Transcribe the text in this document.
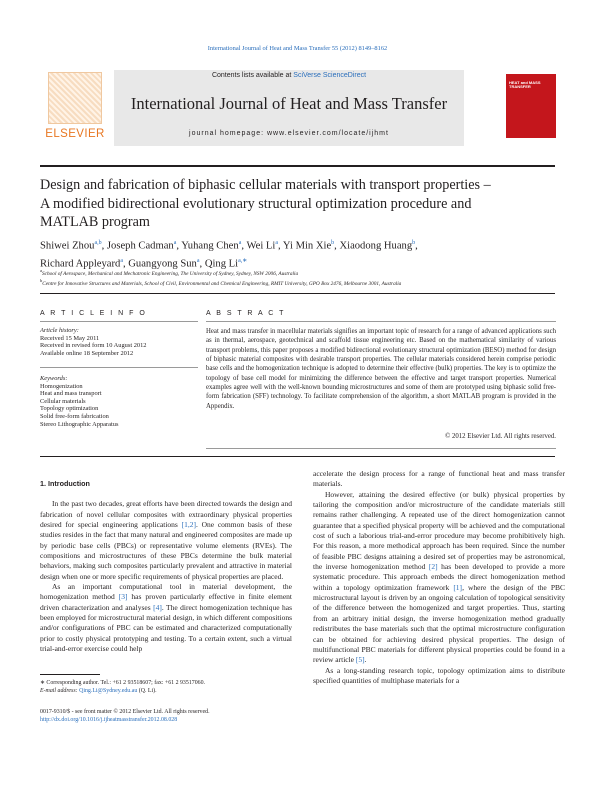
International Journal of Heat and Mass Transfer 55 (2012) 8149–8162
ELSEVIER
Contents lists available at SciVerse ScienceDirect
International Journal of Heat and Mass Transfer
journal homepage: www.elsevier.com/locate/ijhmt
HEAT and MASS TRANSFER
Design and fabrication of biphasic cellular materials with transport properties –
A modified bidirectional evolutionary structural optimization procedure and
MATLAB program
Shiwei Zhou$^{a,b}$, Joseph Cadman$^a$, Yuhang Chen$^a$, Wei Li$^a$, Yi Min Xie$^b$, Xiaodong Huang$^b$,
Richard Appleyard$^a$, Guangyong Sun$^a$, Qing $Li^{a,∗}$
$^a$School of Aerospace, Mechanical and Mechatronic Engineering, The University of Sydney, Sydney, NSW 2006, Australia
$^b$Centre for Innovative Structures and Materials, School of Civil, Environmental and Chemical Engineering, RMIT University, GPO Box 2476, Melbourne 3001, Australia
A R T I C L E I N F O	A B S T R A C T
Article history:
Received 15 May 2011
Received in revised form 10 August 2012
Available online 18 September 2012
Keywords:
Homogenization
Heat and mass transport
Cellular materials
Topology optimization
Solid free-form fabrication
Stereo Lithographic Apparatus
Heat and mass transfer in macellular materials signifies an important topic of research for a range of advanced applications such as in thermal, aerospace, geotechnical and scaffold tissue engineering etc. Based on the mathematical similarity of various transport problems, this paper proposes a modified bidirectional evolutionary structural optimization (BESO) method for design of biphasic material composites with desirable transport properties. The cellular materials considered herein comprise periodic base cells and the homogenization technique is adopted to determine their effective (bulk) properties. The key is to optimize the topology of base cell model for minimizing the difference between the effective and target transport properties. Numerical examples agree well with the well-known bounding microstructures and some of them are prototyped using biphasic solid free-form fabrication (SFF) technology. To facilitate comprehension of the algorithm, a short MATLAB program is provided in the Appendix.
© 2012 Elsevier Ltd. All rights reserved.
1. Introduction
In the past two decades, great efforts have been directed towards the design and fabrication of novel cellular composites with extraordinary physical properties desired for special engineering applications [1,2]. One common basis of these studies resides in the fact that many natural and engineered composites are made up by periodic base cells (PBCs) or representative volume elements (RVEs). The compositions and microstructures of these PBCs determine the bulk material behaviors, making such composites particularly prevalent and attractive in material design when one or more specific requirements of physical properties are placed.
As an important computational tool in material development, the homogenization method [3] has proven particularly effective in finite element driven characterization and analyses [4]. The direct homogenization technique has been employed for microstructural material design, in which different compositions and/or configurations of PBC can be estimated and characterized computationally prior to costly physical prototyping and testing. To a certain extent, such a virtual trial-and-error exercise could help
accelerate the design process for a range of functional heat and mass transfer materials.
However, attaining the desired effective (or bulk) physical properties by tailoring the composition and/or microstructure of the candidate materials still remains rather challenging. A repeated use of the direct homogenization cannot guarantee that a specified physical property will be achieved and the computational cost of such a laborious trial-and-error procedure may become prohibitively high. For this reason, a more methodical approach has been required. Since the number of feasible PBC designs attaining a desired set of properties may be astronomical, the inverse homogenization method [2] has been developed to provide a more systematic procedure. This approach embeds the direct homogenization method within a topology optimization framework [1], where the design of the PBC microstructural layout is driven by an ongoing calculation of topological sensitivity of the difference between the homogenized and target properties. Thus, starting from an arbitrary initial design, the inverse homogenization method gradually redistributes the base materials such that the optimal microstructure configuration can be obtained for achieving desired physical properties. The design of multifunctional PBC materials for different physical properties could be found in a review article [5].
As a long-standing research topic, topology optimization aims to distribute specified quantities of multiphase materials for a
∗ Corresponding author. Tel.: +61 2 93518607; fax: +61 2 93517060.
E-mail address: Qing.Li@Sydney.edu.au (Q. Li).
0017-9310/$ - see front matter © 2012 Elsevier Ltd. All rights reserved.
http://dx.doi.org/10.1016/j.ijheatmasstransfer.2012.08.028
